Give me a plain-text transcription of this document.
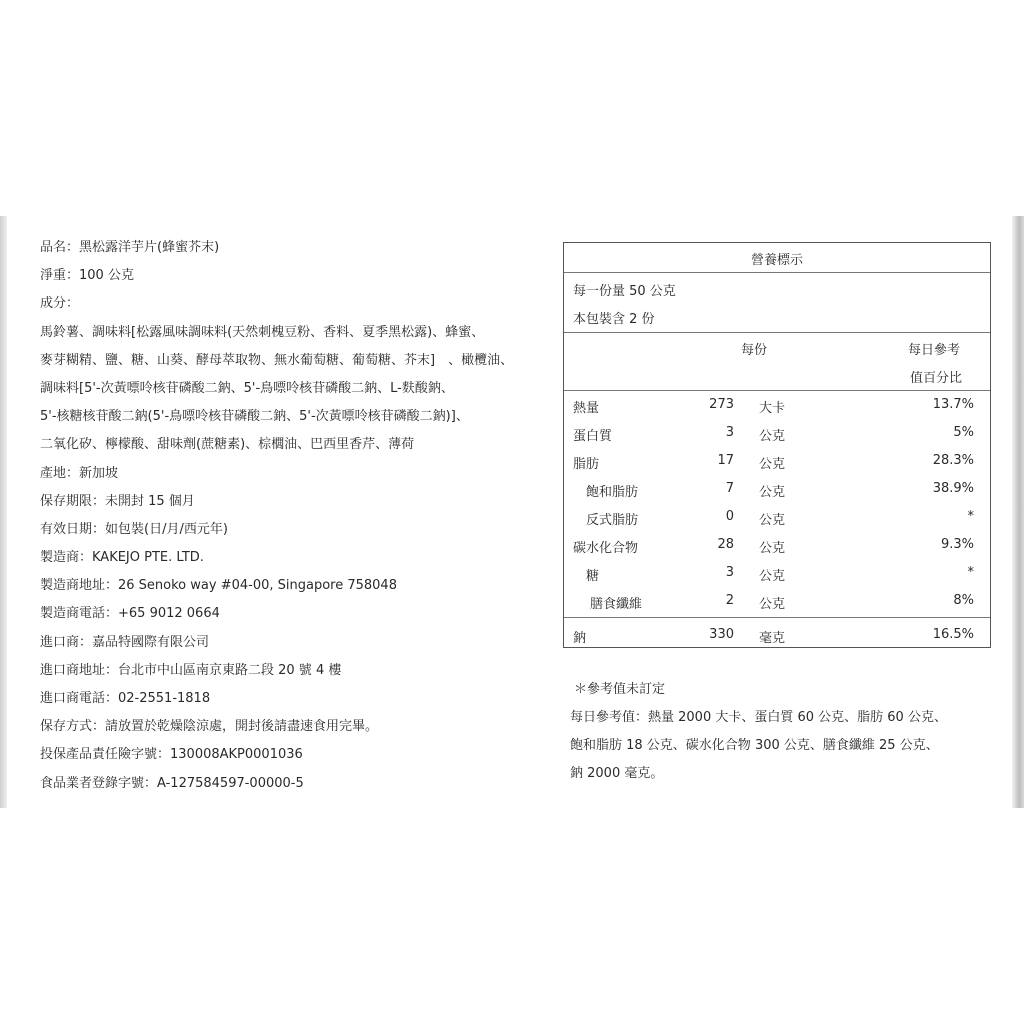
品名：黑松露洋芋片(蜂蜜芥末)
淨重：100 公克
成分：
馬鈴薯、調味料[松露風味調味料(天然刺槐豆粉、香料、夏季黑松露)、蜂蜜、
麥芽糊精、鹽、糖、山葵、酵母萃取物、無水葡萄糖、葡萄糖、芥末]　、橄欖油、
調味料[5'-次黃嘌呤核苷磷酸二鈉、5'-鳥嘌呤核苷磷酸二鈉、L-麩酸鈉、
5'-核糖核苷酸二鈉(5'-鳥嘌呤核苷磷酸二鈉、5'-次黃嘌呤核苷磷酸二鈉)]、
二氧化矽、檸檬酸、甜味劑(蔗糖素)、棕櫚油、巴西里香芹、薄荷
產地：新加坡
保存期限：未開封 15 個月
有效日期：如包裝(日/月/西元年)
製造商：KAKEJO PTE. LTD.
製造商地址：26 Senoko way #04-00, Singapore 758048
製造商電話：+65 9012 0664
進口商：嘉品特國際有限公司
進口商地址：台北市中山區南京東路二段 20 號 4 樓
進口商電話：02-2551-1818
保存方式：請放置於乾燥陰涼處，開封後請盡速食用完畢。
投保產品責任險字號：130008AKP0001036
食品業者登錄字號：A-127584597-00000-5
營養標示
每一份量 50 公克
本包裝含 2 份
每份	每日參考
值百分比
熱量	273 大卡	13.7%
蛋白質	3 公克	5%
脂肪	17 公克	28.3%
飽和脂肪	7 公克	38.9%
反式脂肪	0 公克	*
碳水化合物	28 公克	9.3%
糖	3 公克	*
膳食纖維	2 公克	8%
鈉	330 毫克	16.5%
＊參考值未訂定
每日參考值：熱量 2000 大卡、蛋白質 60 公克、脂肪 60 公克、
飽和脂肪 18 公克、碳水化合物 300 公克、膳食纖維 25 公克、
鈉 2000 毫克。
